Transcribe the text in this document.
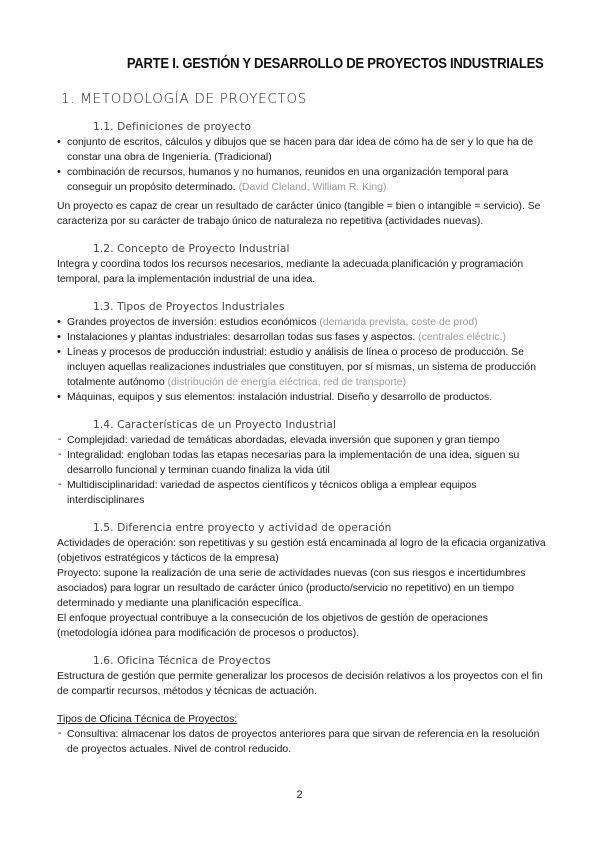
PARTE I. GESTIÓN Y DESARROLLO DE PROYECTOS INDUSTRIALES
1. METODOLOGÍA DE PROYECTOS
1.1. Definiciones de proyecto
• conjunto de escritos, cálculos y dibujos que se hacen para dar idea de cómo ha de ser y lo que ha de constar una obra de Ingeniería. (Tradicional)
• combinación de recursos, humanos y no humanos, reunidos en una organización temporal para conseguir un propósito determinado. (David Cleland, William R. King)

Un proyecto es capaz de crear un resultado de carácter único (tangible = bien o intangible = servicio). Se caracteriza por su carácter de trabajo único de naturaleza no repetitiva (actividades nuevas).

1.2. Concepto de Proyecto Industrial

Integra y coordina todos los recursos necesarios, mediante la adecuada planificación y programación temporal, para la implementación industrial de una idea.

1.3. Tipos de Proyectos Industriales
• Grandes proyectos de inversión: estudios económicos (demanda prevista, coste de prod)
• Instalaciones y plantas industriales: desarrollan todas sus fases y aspectos. (centrales eléctric.)
• Líneas y procesos de producción industrial: estudio y análisis de línea o proceso de producción. Se incluyen aquellas realizaciones industriales que constituyen, por sí mismas, un sistema de producción totalmente autónomo (distribución de energía eléctrica, red de transporte)
• Máquinas, equipos y sus elementos: instalación industrial. Diseño y desarrollo de productos.
1.4. Características de un Proyecto Industrial
- Complejidad: variedad de temáticas abordadas, elevada inversión que suponen y gran tiempo
- Integralidad: engloban todas las etapas necesarias para la implementación de una idea, siguen su desarrollo funcional y terminan cuando finaliza la vida útil
- Multidisciplinaridad: variedad de aspectos científicos y técnicos obliga a emplear equipos interdisciplinares
1.5. Diferencia entre proyecto y actividad de operación

Actividades de operación: son repetitivas y su gestión está encaminada al logro de la eficacia organizativa (objetivos estratégicos y tácticos de la empresa)

Proyecto: supone la realización de una serie de actividades nuevas (con sus riesgos e incertidumbres asociados) para lograr un resultado de carácter único (producto/servicio no repetitivo) en un tiempo determinado y mediante una planificación específica.

El enfoque proyectual contribuye a la consecución de los objetivos de gestión de operaciones (metodología idónea para modificación de procesos o productos).

1.6. Oficina Técnica de Proyectos

Estructura de gestión que permite generalizar los procesos de decisión relativos a los proyectos con el fin de compartir recursos, métodos y técnicas de actuación.

Tipos de Oficina Técnica de Proyectos:

- Consultiva: almacenar los datos de proyectos anteriores para que sirvan de referencia en la resolución de proyectos actuales. Nivel de control reducido.
2
